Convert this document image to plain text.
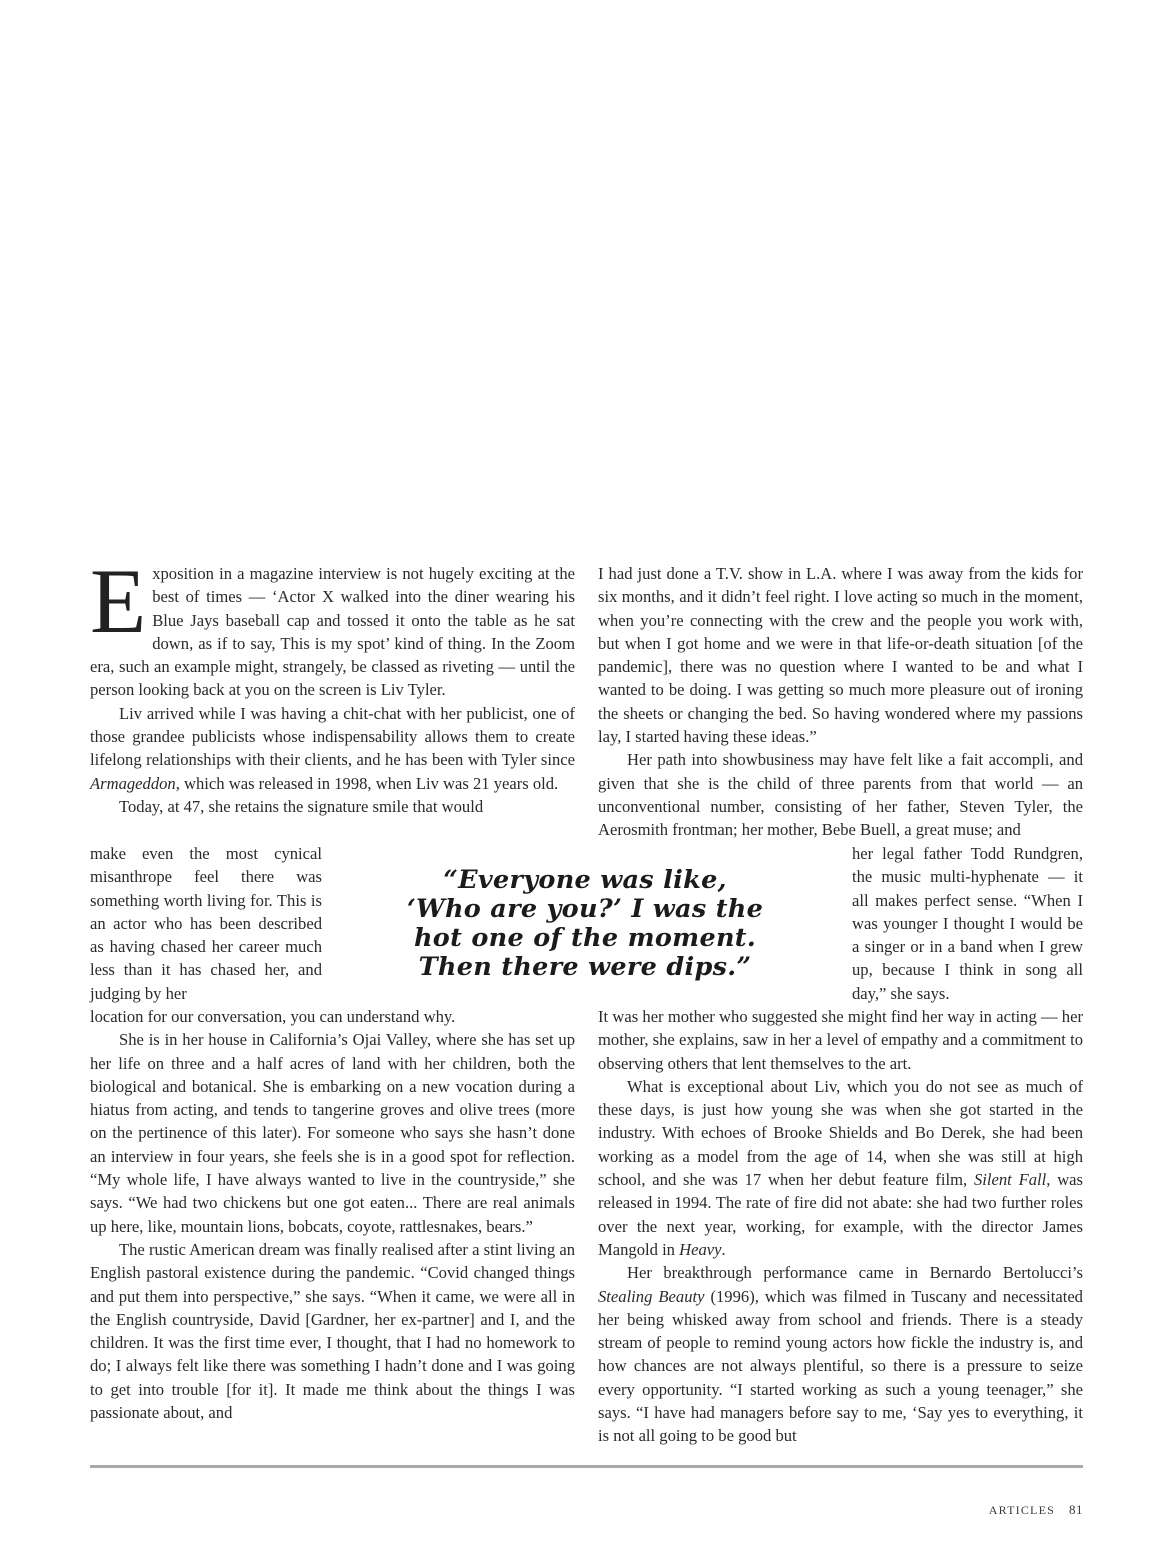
Exposition in a magazine interview is not hugely exciting at the best of times — ‘Actor X walked into the diner wearing his Blue Jays baseball cap and tossed it onto the table as he sat down, as if to say, This is my spot’ kind of thing. In the Zoom era, such an example might, strangely, be classed as riveting — until the person looking back at you on the screen is Liv Tyler.

Liv arrived while I was having a chit-chat with her publicist, one of those grandee publicists whose indispensability allows them to create lifelong relationships with their clients, and he has been with Tyler since Armageddon, which was released in 1998, when Liv was 21 years old.

Today, at 47, she retains the signature smile that would

make even the most cynical misanthrope feel there was something worth living for. This is an actor who has been described as having chased her career much less than it has chased her, and judging by her

“Everyone was like,
‘Who are you?’ I was the
hot one of the moment.
Then there were dips.”

location for our conversation, you can understand why.

She is in her house in California’s Ojai Valley, where she has set up her life on three and a half acres of land with her children, both the biological and botanical. She is embarking on a new vocation during a hiatus from acting, and tends to tangerine groves and olive trees (more on the pertinence of this later). For someone who says she hasn’t done an interview in four years, she feels she is in a good spot for reflection. “My whole life, I have always wanted to live in the countryside,” she says. “We had two chickens but one got eaten... There are real animals up here, like, mountain lions, bobcats, coyote, rattlesnakes, bears.”

The rustic American dream was finally realised after a stint living an English pastoral existence during the pandemic. “Covid changed things and put them into perspective,” she says. “When it came, we were all in the English countryside, David [Gardner, her ex-partner] and I, and the children. It was the first time ever, I thought, that I had no homework to do; I always felt like there was something I hadn’t done and I was going to get into trouble [for it]. It made me think about the things I was passionate about, and

I had just done a T.V. show in L.A. where I was away from the kids for six months, and it didn’t feel right. I love acting so much in the moment, when you’re connecting with the crew and the people you work with, but when I got home and we were in that life-or-death situation [of the pandemic], there was no question where I wanted to be and what I wanted to be doing. I was getting so much more pleasure out of ironing the sheets or changing the bed. So having wondered where my passions lay, I started having these ideas.”

Her path into showbusiness may have felt like a fait accompli, and given that she is the child of three parents from that world — an unconventional number, consisting of her father, Steven Tyler, the Aerosmith frontman; her mother, Bebe Buell, a great muse; and

her legal father Todd Rundgren, the music multi-hyphenate — it all makes perfect sense. “When I was younger I thought I would be a singer or in a band when I grew up, because I think in song all day,” she says.

It was her mother who suggested she might find her way in acting — her mother, she explains, saw in her a level of empathy and a commitment to observing others that lent themselves to the art.

What is exceptional about Liv, which you do not see as much of these days, is just how young she was when she got started in the industry. With echoes of Brooke Shields and Bo Derek, she had been working as a model from the age of 14, when she was still at high school, and she was 17 when her debut feature film, Silent Fall, was released in 1994. The rate of fire did not abate: she had two further roles over the next year, working, for example, with the director James Mangold in Heavy.

Her breakthrough performance came in Bernardo Bertolucci’s Stealing Beauty (1996), which was filmed in Tuscany and necessitated her being whisked away from school and friends. There is a steady stream of people to remind young actors how fickle the industry is, and how chances are not always plentiful, so there is a pressure to seize every opportunity. “I started working as such a young teenager,” she says. “I have had managers before say to me, ‘Say yes to everything, it is not all going to be good but

ARTICLES 81
